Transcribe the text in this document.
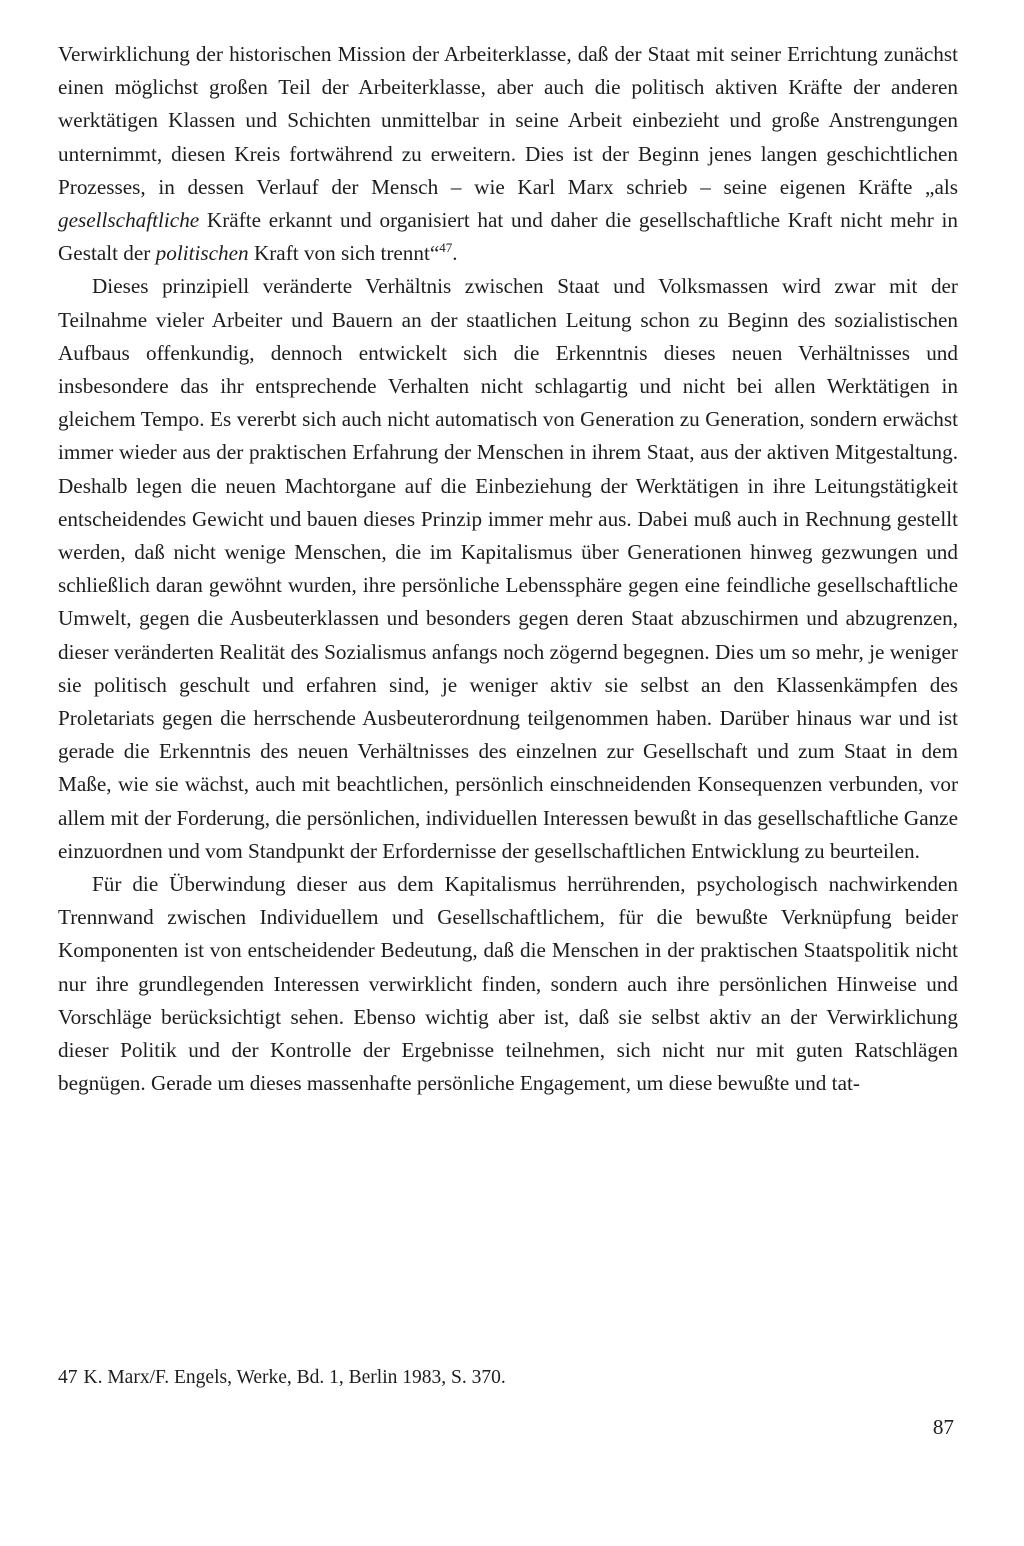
Verwirklichung der historischen Mission der Arbeiterklasse, daß der Staat mit seiner Errichtung zunächst einen möglichst großen Teil der Arbeiterklasse, aber auch die politisch aktiven Kräfte der anderen werktätigen Klassen und Schichten unmittelbar in seine Arbeit einbezieht und große Anstrengungen unternimmt, diesen Kreis fortwährend zu erweitern. Dies ist der Beginn jenes langen geschichtlichen Prozesses, in dessen Verlauf der Mensch – wie Karl Marx schrieb – seine eigenen Kräfte „als gesellschaftliche Kräfte erkannt und organisiert hat und daher die gesellschaftliche Kraft nicht mehr in Gestalt der politischen Kraft von sich trennt“$^{47}$.

Dieses prinzipiell veränderte Verhältnis zwischen Staat und Volksmassen wird zwar mit der Teilnahme vieler Arbeiter und Bauern an der staatlichen Leitung schon zu Beginn des sozialistischen Aufbaus offenkundig, dennoch entwickelt sich die Erkenntnis dieses neuen Verhältnisses und insbesondere das ihr entsprechende Verhalten nicht schlagartig und nicht bei allen Werktätigen in gleichem Tempo. Es vererbt sich auch nicht automatisch von Generation zu Generation, sondern erwächst immer wieder aus der praktischen Erfahrung der Menschen in ihrem Staat, aus der aktiven Mitgestaltung. Deshalb legen die neuen Machtorgane auf die Einbeziehung der Werktätigen in ihre Leitungstätigkeit entscheidendes Gewicht und bauen dieses Prinzip immer mehr aus. Dabei muß auch in Rechnung gestellt werden, daß nicht wenige Menschen, die im Kapitalismus über Generationen hinweg gezwungen und schließlich daran gewöhnt wurden, ihre persönliche Lebenssphäre gegen eine feindliche gesellschaftliche Umwelt, gegen die Ausbeuterklassen und besonders gegen deren Staat abzuschirmen und abzugrenzen, dieser veränderten Realität des Sozialismus anfangs noch zögernd begegnen. Dies um so mehr, je weniger sie politisch geschult und erfahren sind, je weniger aktiv sie selbst an den Klassenkämpfen des Proletariats gegen die herrschende Ausbeuterordnung teilgenommen haben. Darüber hinaus war und ist gerade die Erkenntnis des neuen Verhältnisses des einzelnen zur Gesellschaft und zum Staat in dem Maße, wie sie wächst, auch mit beachtlichen, persönlich einschneidenden Konsequenzen verbunden, vor allem mit der Forderung, die persönlichen, individuellen Interessen bewußt in das gesellschaftliche Ganze einzuordnen und vom Standpunkt der Erfordernisse der gesellschaftlichen Entwicklung zu beurteilen.

Für die Überwindung dieser aus dem Kapitalismus herrührenden, psychologisch nachwirkenden Trennwand zwischen Individuellem und Gesellschaftlichem, für die bewußte Verknüpfung beider Komponenten ist von entscheidender Bedeutung, daß die Menschen in der praktischen Staatspolitik nicht nur ihre grundlegenden Interessen verwirklicht finden, sondern auch ihre persönlichen Hinweise und Vorschläge berücksichtigt sehen. Ebenso wichtig aber ist, daß sie selbst aktiv an der Verwirklichung dieser Politik und der Kontrolle der Ergebnisse teilnehmen, sich nicht nur mit guten Ratschlägen begnügen. Gerade um dieses massenhafte persönliche Engagement, um diese bewußte und tat-

47 K. Marx/F. Engels, Werke, Bd. 1, Berlin 1983, S. 370.

87
